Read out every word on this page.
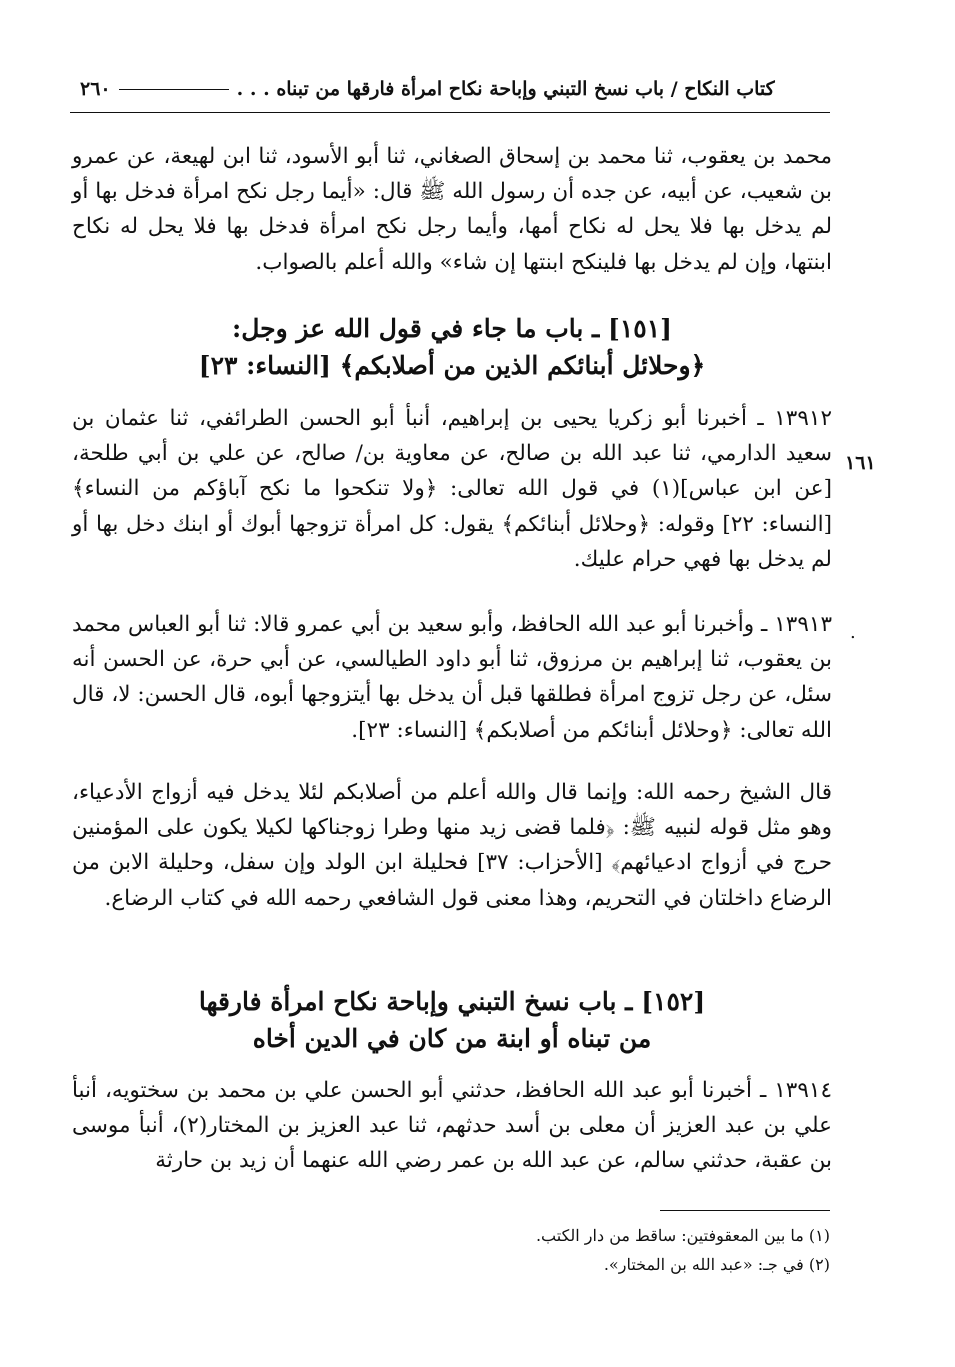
٢٦٠	كتاب النكاح / باب نسخ التبني وإباحة نكاح امرأة فارقها من تبناه . . .
١٦١
.
محمد بن يعقوب، ثنا محمد بن إسحاق الصغاني، ثنا أبو الأسود، ثنا ابن لهيعة، عن عمرو بن شعيب، عن أبيه، عن جده أن رسول الله ﷺ قال: «أيما رجل نكح امرأة فدخل بها أو لم يدخل بها فلا يحل له نكاح أمها، وأيما رجل نكح امرأة فدخل بها فلا يحل له نكاح ابنتها، وإن لم يدخل بها فلينكح ابنتها إن شاء» والله أعلم بالصواب.
[١٥١] ـ باب ما جاء في قول الله عز وجل:
﴿وحلائل أبنائكم الذين من أصلابكم﴾ [النساء: ٢٣]
١٣٩١٢ ـ أخبرنا أبو زكريا يحيى بن إبراهيم، أنبأ أبو الحسن الطرائفي، ثنا عثمان بن سعيد الدارمي، ثنا عبد الله بن صالح، عن معاوية بن/ صالح، عن علي بن أبي طلحة، [عن ابن عباس](١) في قول الله تعالى: ﴿ولا تنكحوا ما نكح آباؤكم من النساء﴾ [النساء: ٢٢] وقوله: ﴿وحلائل أبنائكم﴾ يقول: كل امرأة تزوجها أبوك أو ابنك دخل بها أو لم يدخل بها فهي حرام عليك.
١٣٩١٣ ـ وأخبرنا أبو عبد الله الحافظ، وأبو سعيد بن أبي عمرو قالا: ثنا أبو العباس محمد بن يعقوب، ثنا إبراهيم بن مرزوق، ثنا أبو داود الطيالسي، عن أبي حرة، عن الحسن أنه سئل، عن رجل تزوج امرأة فطلقها قبل أن يدخل بها أيتزوجها أبوه، قال الحسن: لا، قال الله تعالى: ﴿وحلائل أبنائكم من أصلابكم﴾ [النساء: ٢٣].
قال الشيخ رحمه الله: وإنما قال والله أعلم من أصلابكم لئلا يدخل فيه أزواج الأدعياء، وهو مثل قوله لنبيه ﷺ: ﴿فلما قضى زيد منها وطرا زوجناكها لكيلا يكون على المؤمنين حرج في أزواج ادعيائهم﴾ [الأحزاب: ٣٧] فحليلة ابن الولد وإن سفل، وحليلة الابن من الرضاع داخلتان في التحريم، وهذا معنى قول الشافعي رحمه الله في كتاب الرضاع.
[١٥٢] ـ باب نسخ التبني وإباحة نكاح امرأة فارقها
من تبناه أو ابنة من كان في الدين أخاه
١٣٩١٤ ـ أخبرنا أبو عبد الله الحافظ، حدثني أبو الحسن علي بن محمد بن سختويه، أنبأ علي بن عبد العزيز أن معلى بن أسد حدثهم، ثنا عبد العزيز بن المختار(٢)، أنبأ موسى بن عقبة، حدثني سالم، عن عبد الله بن عمر رضي الله عنهما أن زيد بن حارثة
(١) ما بين المعقوفتين: ساقط من دار الكتب.
(٢) في جـ: «عبد الله بن المختار».
